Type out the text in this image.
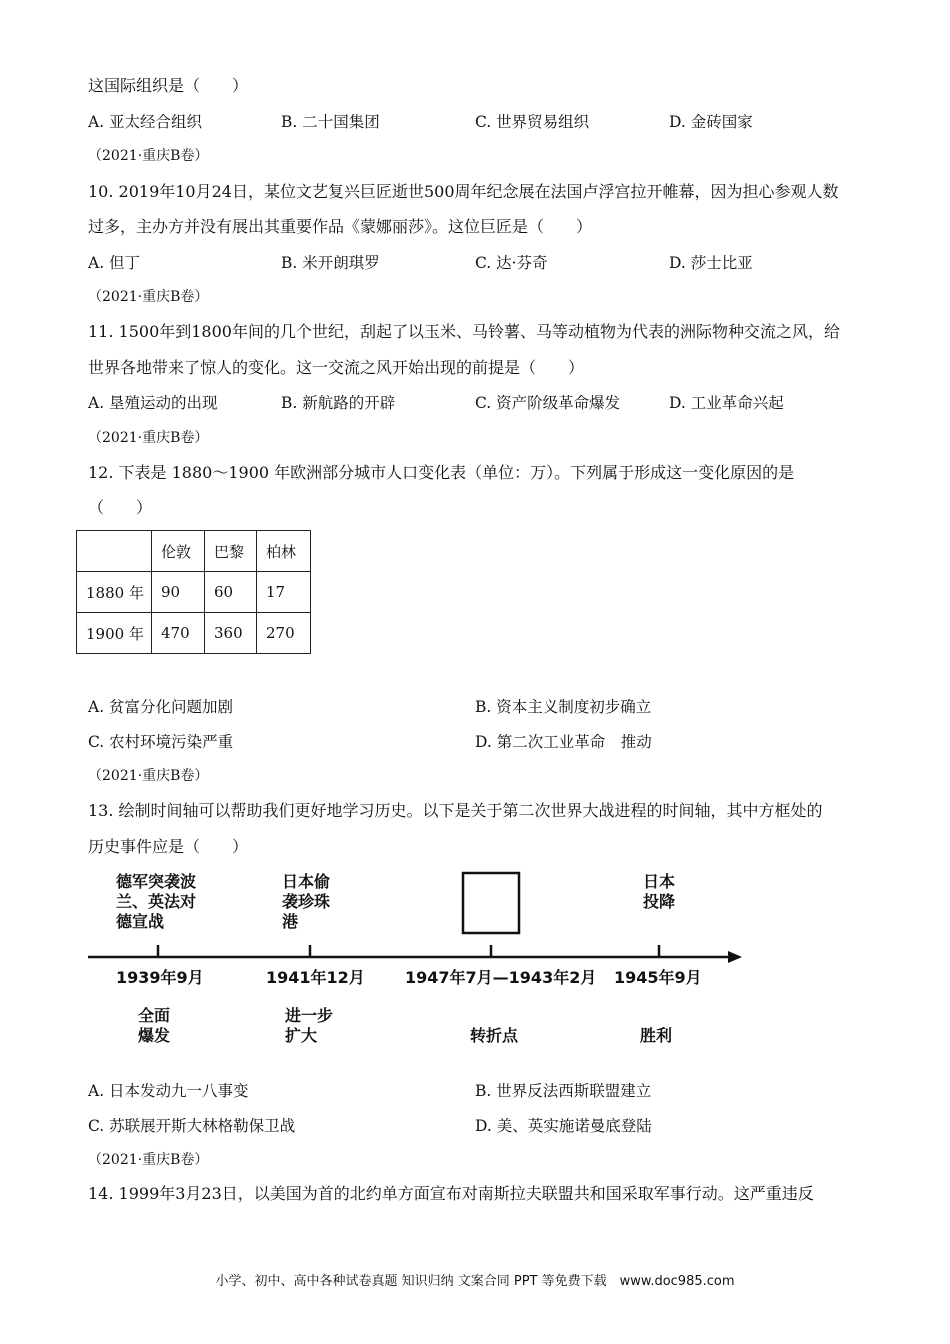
这国际组织是（　　）
A. 亚太经合组织	B. 二十国集团	C. 世界贸易组织	D. 金砖国家
（2021·重庆B卷）
10. 2019年10月24日，某位文艺复兴巨匠逝世500周年纪念展在法国卢浮宫拉开帷幕，因为担心参观人数
过多，主办方并没有展出其重要作品《蒙娜丽莎》。这位巨匠是（　　）
A. 但丁	B. 米开朗琪罗	C. 达·芬奇	D. 莎士比亚
（2021·重庆B卷）
11. 1500年到1800年间的几个世纪，刮起了以玉米、马铃薯、马等动植物为代表的洲际物种交流之风，给
世界各地带来了惊人的变化。这一交流之风开始出现的前提是（　　）
A. 垦殖运动的出现	B. 新航路的开辟	C. 资产阶级革命爆发	D. 工业革命兴起
（2021·重庆B卷）
12. 下表是 1880～1900 年欧洲部分城市人口变化表（单位：万）。下列属于形成这一变化原因的是
（　　）
	伦敦	巴黎	柏林
1880 年	90	60	17
1900 年	470	360	270
A. 贫富分化问题加剧	B. 资本主义制度初步确立
C. 农村环境污染严重	D. 第二次工业革命　推动
（2021·重庆B卷）
13. 绘制时间轴可以帮助我们更好地学习历史。以下是关于第二次世界大战进程的时间轴，其中方框处的
历史事件应是（　　）
德军突袭波
兰、英法对
德宣战
日本偷
袭珍珠
港
日本
投降
1939年9月	1941年12月	1947年7月—1943年2月 1945年9月
全面
爆发
进一步
扩大	转折点	胜利
A. 日本发动九一八事变	B. 世界反法西斯联盟建立
C. 苏联展开斯大林格勒保卫战	D. 美、英实施诺曼底登陆
（2021·重庆B卷）
14. 1999年3月23日，以美国为首的北约单方面宣布对南斯拉夫联盟共和国采取军事行动。这严重违反
小学、初中、高中各种试卷真题 知识归纳 文案合同 PPT 等免费下载　www.doc985.com
